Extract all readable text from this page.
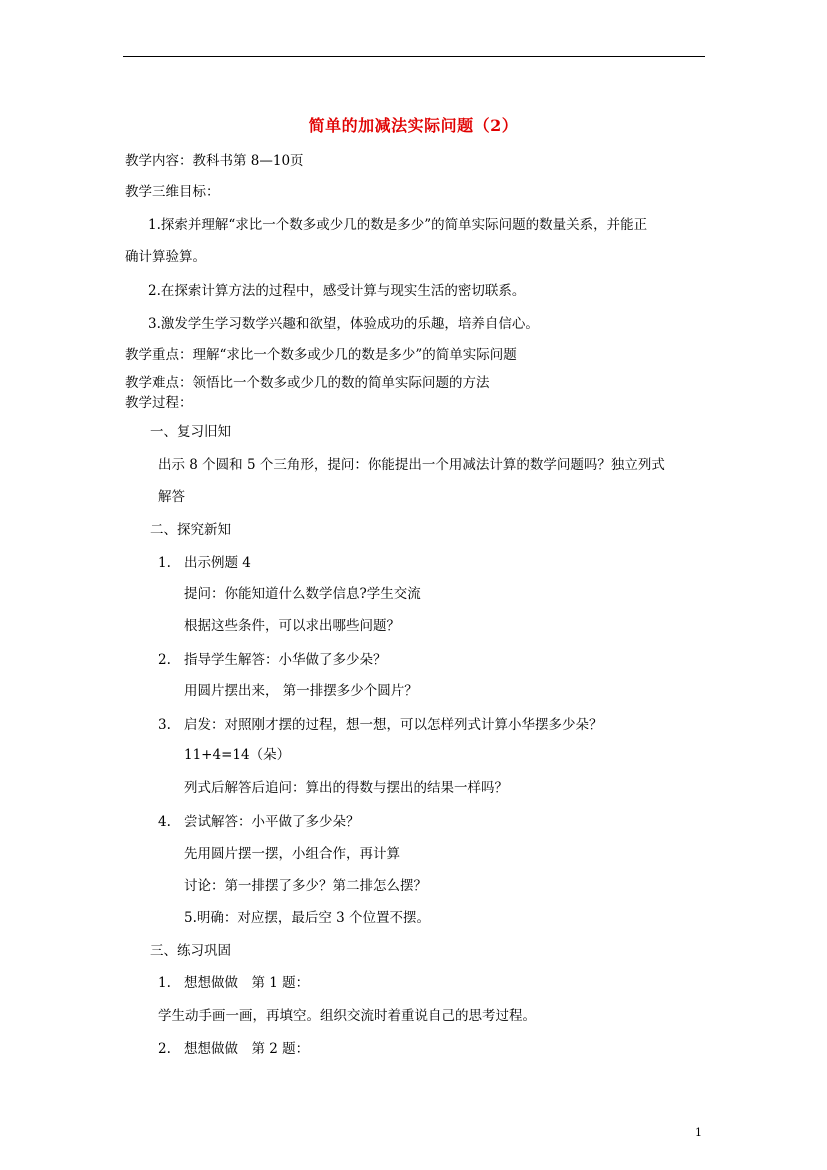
简单的加减法实际问题（2）
教学内容：教科书第 8—10页
教学三维目标：
1.探索并理解“求比一个数多或少几的数是多少”的简单实际问题的数量关系，并能正
确计算验算。
2.在探索计算方法的过程中，感受计算与现实生活的密切联系。
3.激发学生学习数学兴趣和欲望，体验成功的乐趣，培养自信心。
教学重点：理解“求比一个数多或少几的数是多少”的简单实际问题
教学难点：领悟比一个数多或少几的数的简单实际问题的方法
教学过程：
一、复习旧知
出示 8 个圆和 5 个三角形，提问：你能提出一个用减法计算的数学问题吗？独立列式
解答
二、探究新知
1. 出示例题 4
提问：你能知道什么数学信息?学生交流
根据这些条件，可以求出哪些问题？
2. 指导学生解答：小华做了多少朵？
用圆片摆出来， 第一排摆多少个圆片？
3. 启发：对照刚才摆的过程，想一想，可以怎样列式计算小华摆多少朵？
11+4=14（朵）
列式后解答后追问：算出的得数与摆出的结果一样吗？
4. 尝试解答：小平做了多少朵？
先用圆片摆一摆，小组合作，再计算
讨论：第一排摆了多少？第二排怎么摆？
5.明确：对应摆，最后空 3 个位置不摆。
三、练习巩固
1. 想想做做　第 1 题：
学生动手画一画，再填空。组织交流时着重说自己的思考过程。
2. 想想做做　第 2 题：
1
